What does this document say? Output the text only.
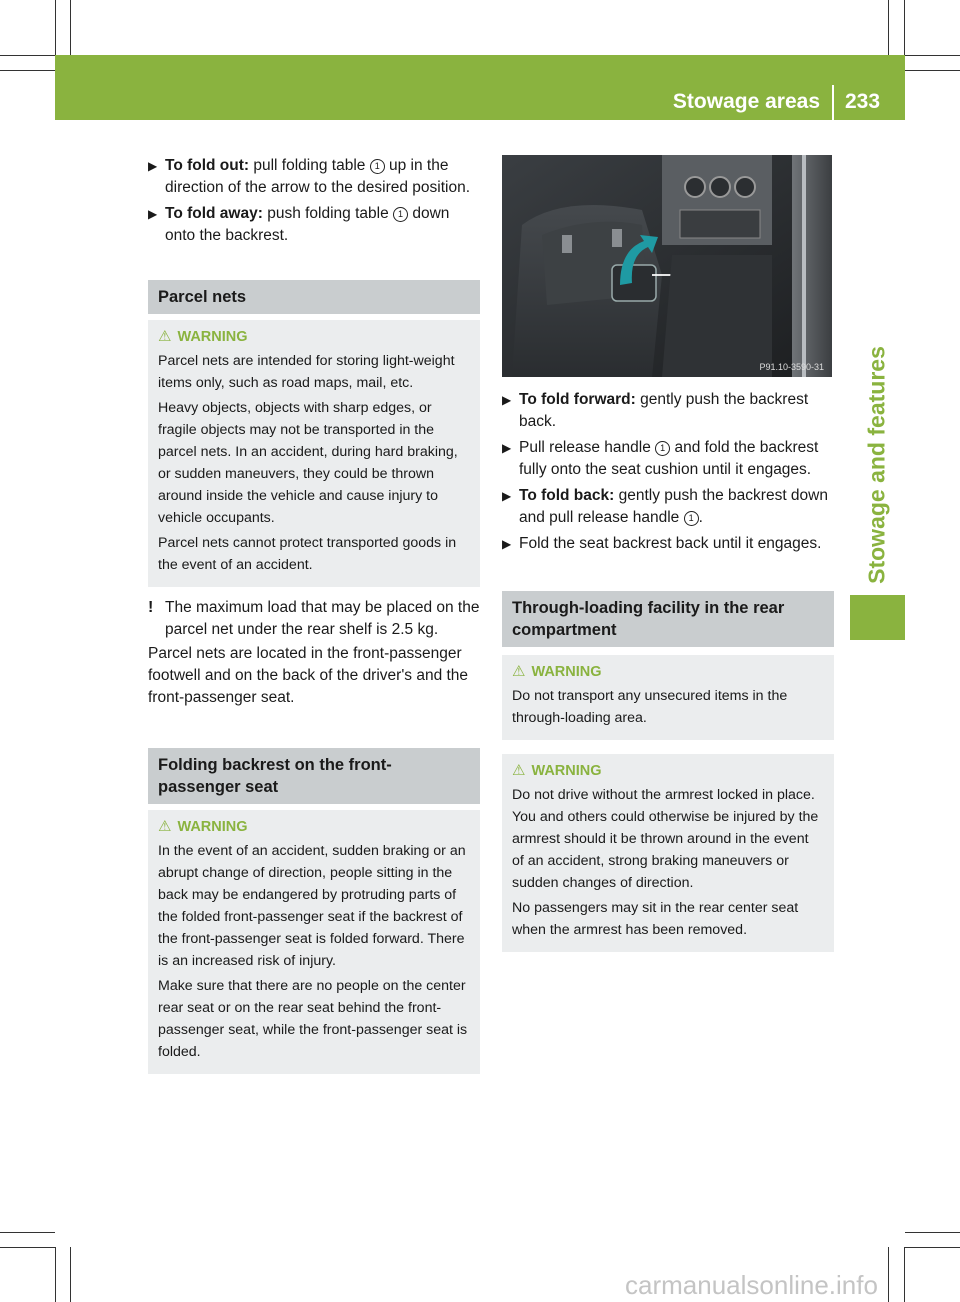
Stowage areas 233
Stowage and features
▶ To fold out: pull folding table 1 up in the direction of the arrow to the desired position.
▶ To fold away: push folding table 1 down onto the backrest.
Parcel nets
⚠ WARNING

Parcel nets are intended for storing light-weight items only, such as road maps, mail, etc.

Heavy objects, objects with sharp edges, or fragile objects may not be transported in the parcel nets. In an accident, during hard braking, or sudden maneuvers, they could be thrown around inside the vehicle and cause injury to vehicle occupants.

Parcel nets cannot protect transported goods in the event of an accident.

! The maximum load that may be placed on the parcel net under the rear shelf is 2.5 kg.

Parcel nets are located in the front-passenger footwell and on the back of the driver's and the front-passenger seat.

Folding backrest on the front-passenger seat
⚠ WARNING

In the event of an accident, sudden braking or an abrupt change of direction, people sitting in the back may be endangered by protruding parts of the folded front-passenger seat if the backrest of the front-passenger seat is folded forward. There is an increased risk of injury.

Make sure that there are no people on the center rear seat or on the rear seat behind the front-passenger seat, while the front-passenger seat is folded.

P91.10-3590-31
▶ To fold forward: gently push the backrest back.
▶ Pull release handle 1 and fold the backrest fully onto the seat cushion until it engages.
▶ To fold back: gently push the backrest down and pull release handle 1 .
▶ Fold the seat backrest back until it engages.
Through-loading facility in the rear compartment
⚠ WARNING

Do not transport any unsecured items in the through-loading area.

⚠ WARNING

Do not drive without the armrest locked in place. You and others could otherwise be injured by the armrest should it be thrown around in the event of an accident, strong braking maneuvers or sudden changes of direction.

No passengers may sit in the rear center seat when the armrest has been removed.

carmanualsonline.info
